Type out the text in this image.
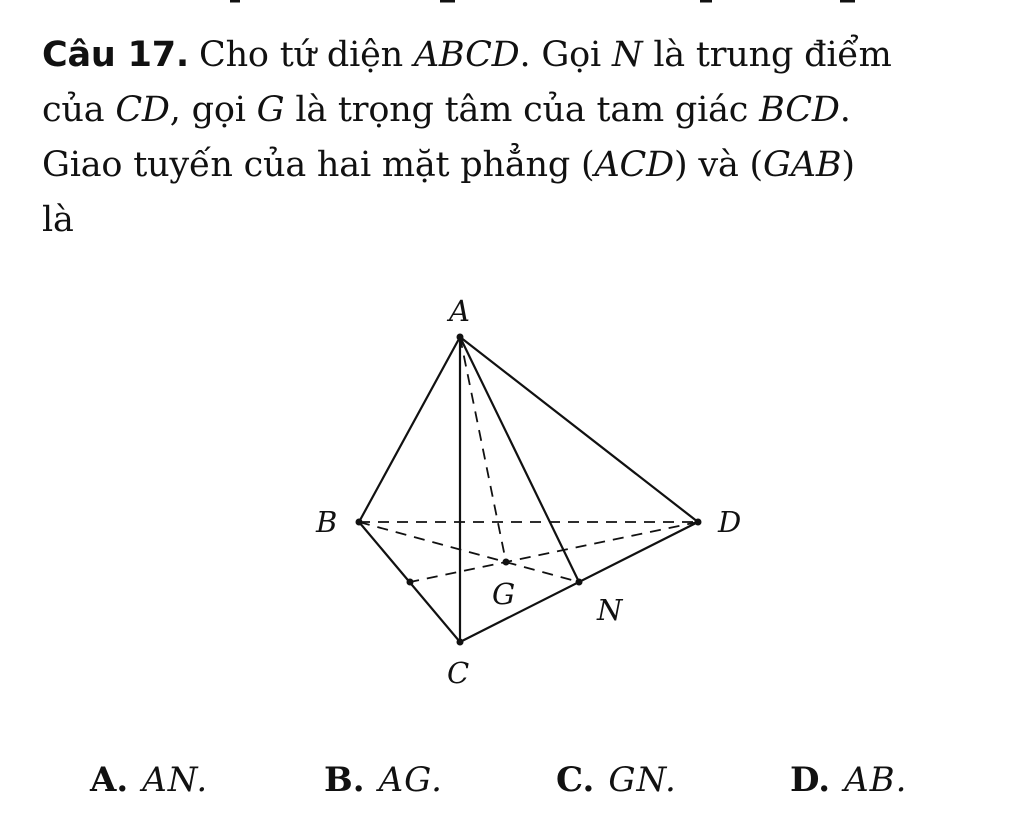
Câu 17. Cho tứ diện ABCD. Gọi N là trung điểm
của CD, gọi G là trọng tâm của tam giác BCD.
Giao tuyến của hai mặt phẳng (ACD) và (GAB)
là
A
B
C
D
G	N
A. AN.	B. AG.	C. GN.	D. AB.
